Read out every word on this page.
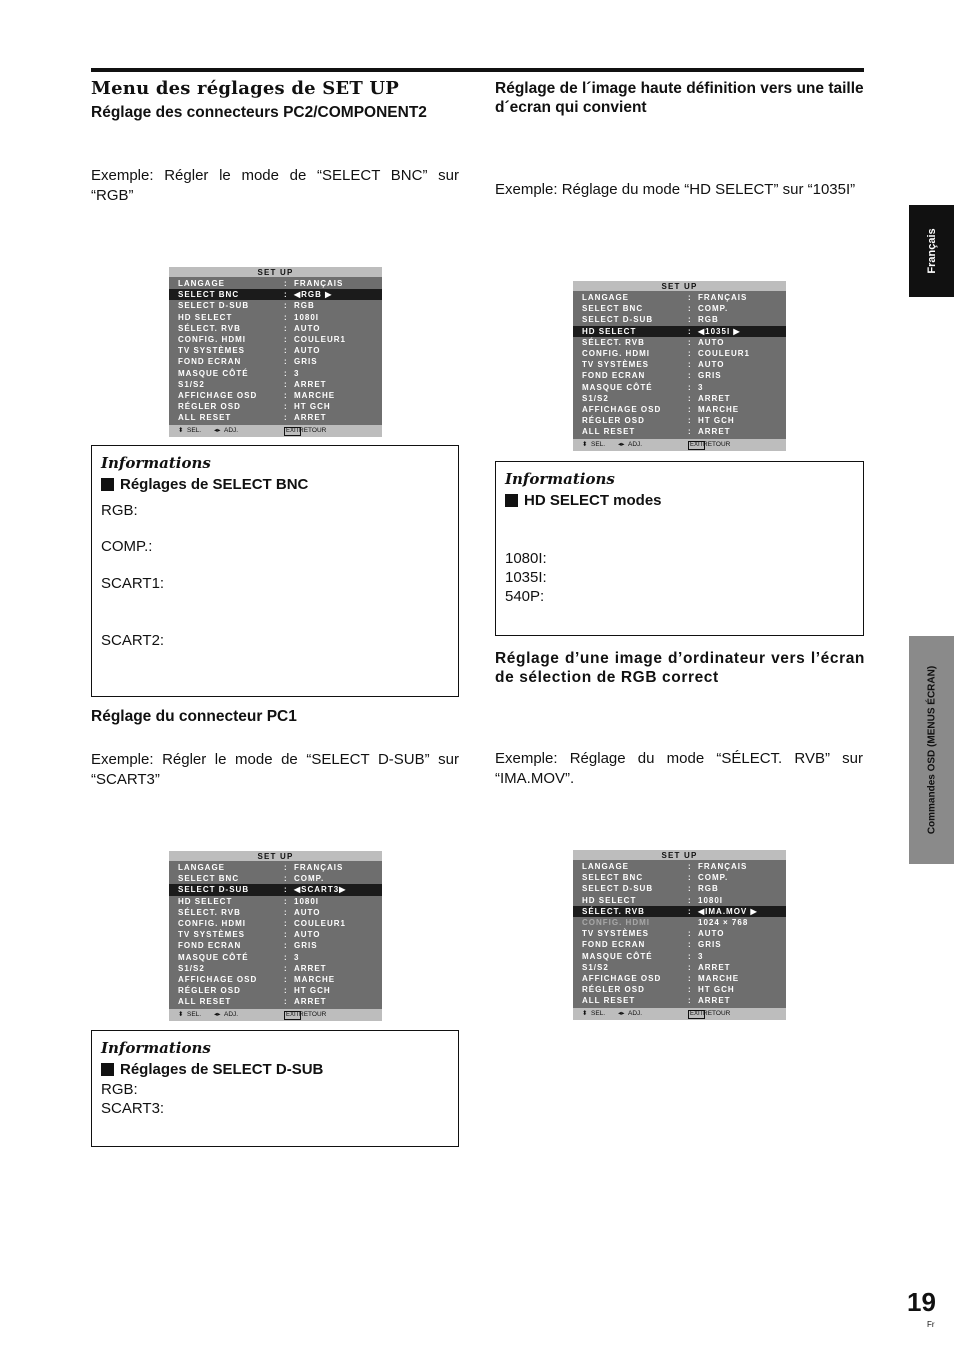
Menu des réglages de SET UP
Réglage des connecteurs PC2/COMPONENT2

Exemple: Régler le mode de “SELECT BNC” sur “RGB”

SET UP
LANGAGE	: FRANÇAIS
SELECT BNC	: ◀RGB ▶
SELECT D-SUB	: RGB
HD SELECT	: 1080I
SÉLECT. RVB	: AUTO
CONFIG. HDMI	: COULEUR1
TV SYSTÈMES	: AUTO
FOND ECRAN	: GRIS
MASQUE CÔTÉ	: 3
S1/S2	: ARRET
AFFICHAGE OSD	: MARCHE
RÉGLER OSD	: HT GCH
ALL RESET	: ARRET
⬍ SEL. ◂▸ ADJ.	EXIT RETOUR
Informations
Réglages de SELECT BNC
RGB:
COMP.:
SCART1:
SCART2:
Réglage du connecteur PC1

Exemple: Régler le mode de “SELECT D-SUB” sur “SCART3”

SET UP
LANGAGE	: FRANÇAIS
SELECT BNC	: COMP.
SELECT D-SUB	: ◀SCART3▶
HD SELECT	: 1080I
SÉLECT. RVB	: AUTO
CONFIG. HDMI	: COULEUR1
TV SYSTÈMES	: AUTO
FOND ECRAN	: GRIS
MASQUE CÔTÉ	: 3
S1/S2	: ARRET
AFFICHAGE OSD	: MARCHE
RÉGLER OSD	: HT GCH
ALL RESET	: ARRET
⬍ SEL. ◂▸ ADJ.	EXIT RETOUR
Informations
Réglages de SELECT D-SUB
RGB:
SCART3:
Réglage de l´image haute définition vers une taille d´ecran qui convient

Exemple: Réglage du mode “HD SELECT” sur “1035I”

SET UP
LANGAGE	: FRANÇAIS
SELECT BNC	: COMP.
SELECT D-SUB	: RGB
HD SELECT	: ◀1035I ▶
SÉLECT. RVB	: AUTO
CONFIG. HDMI	: COULEUR1
TV SYSTÈMES	: AUTO
FOND ECRAN	: GRIS
MASQUE CÔTÉ	: 3
S1/S2	: ARRET
AFFICHAGE OSD	: MARCHE
RÉGLER OSD	: HT GCH
ALL RESET	: ARRET
⬍ SEL. ◂▸ ADJ.	EXIT RETOUR
Informations
HD SELECT modes
1080I:
1035I:
540P:
Réglage d’une image d’ordinateur vers l’écran de sélection de RGB correct

Exemple: Réglage du mode “SÉLECT. RVB” sur “IMA.MOV”.

SET UP
LANGAGE	: FRANÇAIS
SELECT BNC	: COMP.
SELECT D-SUB	: RGB
HD SELECT	: 1080I
SÉLECT. RVB	: ◀IMA.MOV ▶
CONFIG. HDMI	1024 × 768
TV SYSTÈMES	: AUTO
FOND ECRAN	: GRIS
MASQUE CÔTÉ	: 3
S1/S2	: ARRET
AFFICHAGE OSD	: MARCHE
RÉGLER OSD	: HT GCH
ALL RESET	: ARRET
⬍ SEL. ◂▸ ADJ.	EXIT RETOUR
Français
Commandes OSD (MENUS ÉCRAN)
19
Fr
